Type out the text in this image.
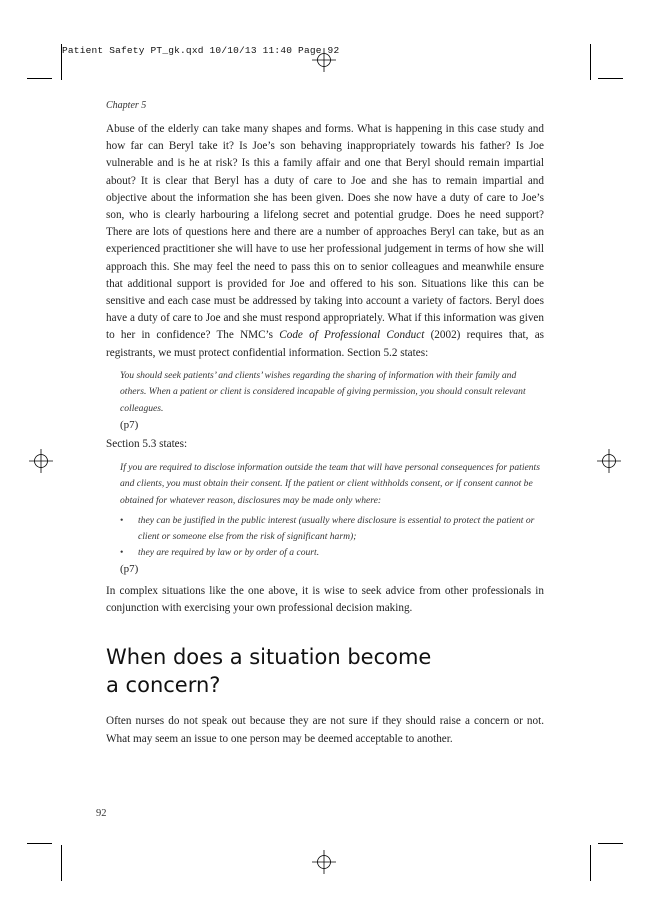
Patient Safety PT_gk.qxd 10/10/13 11:40 Page 92
Chapter 5

Abuse of the elderly can take many shapes and forms. What is happening in this case study and how far can Beryl take it? Is Joe’s son behaving inappropriately towards his father? Is Joe vulnerable and is he at risk? Is this a family affair and one that Beryl should remain impartial about? It is clear that Beryl has a duty of care to Joe and she has to remain impartial and objective about the information she has been given. Does she now have a duty of care to Joe’s son, who is clearly harbouring a lifelong secret and potential grudge. Does he need support? There are lots of questions here and there are a number of approaches Beryl can take, but as an experienced practitioner she will have to use her professional judgement in terms of how she will approach this. She may feel the need to pass this on to senior colleagues and meanwhile ensure that additional support is provided for Joe and offered to his son. Situations like this can be sensitive and each case must be addressed by taking into account a variety of factors. Beryl does have a duty of care to Joe and she must respond appropriately. What if this information was given to her in confidence? The NMC’s Code of Professional Conduct (2002) requires that, as registrants, we must protect confidential information. Section 5.2 states:

You should seek patients’ and clients’ wishes regarding the sharing of information with their family and others. When a patient or client is considered incapable of giving permission, you should consult relevant colleagues.
(p7)

Section 5.3 states:

If you are required to disclose information outside the team that will have personal consequences for patients and clients, you must obtain their consent. If the patient or client withholds consent, or if consent cannot be obtained for whatever reason, disclosures may be made only where:
• they can be justified in the public interest (usually where disclosure is essential to protect the patient or client or someone else from the risk of significant harm);
• they are required by law or by order of a court.
(p7)

In complex situations like the one above, it is wise to seek advice from other professionals in conjunction with exercising your own professional decision making.

When does a situation become a concern?

Often nurses do not speak out because they are not sure if they should raise a concern or not. What may seem an issue to one person may be deemed acceptable to another.

92
